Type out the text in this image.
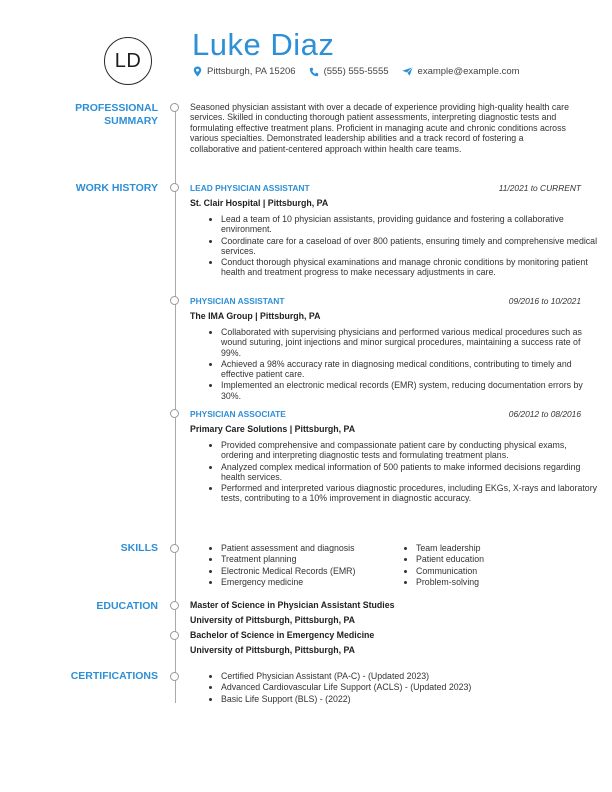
LD Luke Diaz
Pittsburgh, PA 15206	(555) 555-5555	example@example.com
PROFESSIONAL
SUMMARY
Seasoned physician assistant with over a decade of experience providing high-quality health care services. Skilled in conducting thorough patient assessments, interpreting diagnostic tests and formulating effective treatment plans. Proficient in managing acute and chronic conditions across various specialties. Demonstrated leadership abilities and a track record of fostering a collaborative and patient-centered approach within health care teams.
WORK HISTORY	LEAD PHYSICIAN ASSISTANT	11/2021 to CURRENT
St. Clair Hospital | Pittsburgh, PA
• Lead a team of 10 physician assistants, providing guidance and fostering a collaborative environment.
• Coordinate care for a caseload of over 800 patients, ensuring timely and comprehensive medical services.
• Conduct thorough physical examinations and manage chronic conditions by monitoring patient health and treatment progress to make necessary adjustments in care.
PHYSICIAN ASSISTANT	09/2016 to 10/2021
The IMA Group | Pittsburgh, PA
• Collaborated with supervising physicians and performed various medical procedures such as wound suturing, joint injections and minor surgical procedures, maintaining a success rate of 99%.
• Achieved a 98% accuracy rate in diagnosing medical conditions, contributing to timely and effective patient care.
• Implemented an electronic medical records (EMR) system, reducing documentation errors by 30%.
PHYSICIAN ASSOCIATE	06/2012 to 08/2016
Primary Care Solutions | Pittsburgh, PA
• Provided comprehensive and compassionate patient care by conducting physical exams, ordering and interpreting diagnostic tests and formulating treatment plans.
• Analyzed complex medical information of 500 patients to make informed decisions regarding health services.
• Performed and interpreted various diagnostic procedures, including EKGs, X-rays and laboratory tests, contributing to a 10% improvement in diagnostic accuracy.
SKILLS	• Patient assessment and diagnosis
• Treatment planning
• Electronic Medical Records (EMR)
• Emergency medicine
• Team leadership
• Patient education
• Communication
• Problem-solving
EDUCATION	Master of Science in Physician Assistant Studies
University of Pittsburgh, Pittsburgh, PA
Bachelor of Science in Emergency Medicine
University of Pittsburgh, Pittsburgh, PA
CERTIFICATIONS	• Certified Physician Assistant (PA-C) - (Updated 2023)
• Advanced Cardiovascular Life Support (ACLS) - (Updated 2023)
• Basic Life Support (BLS) - (2022)
